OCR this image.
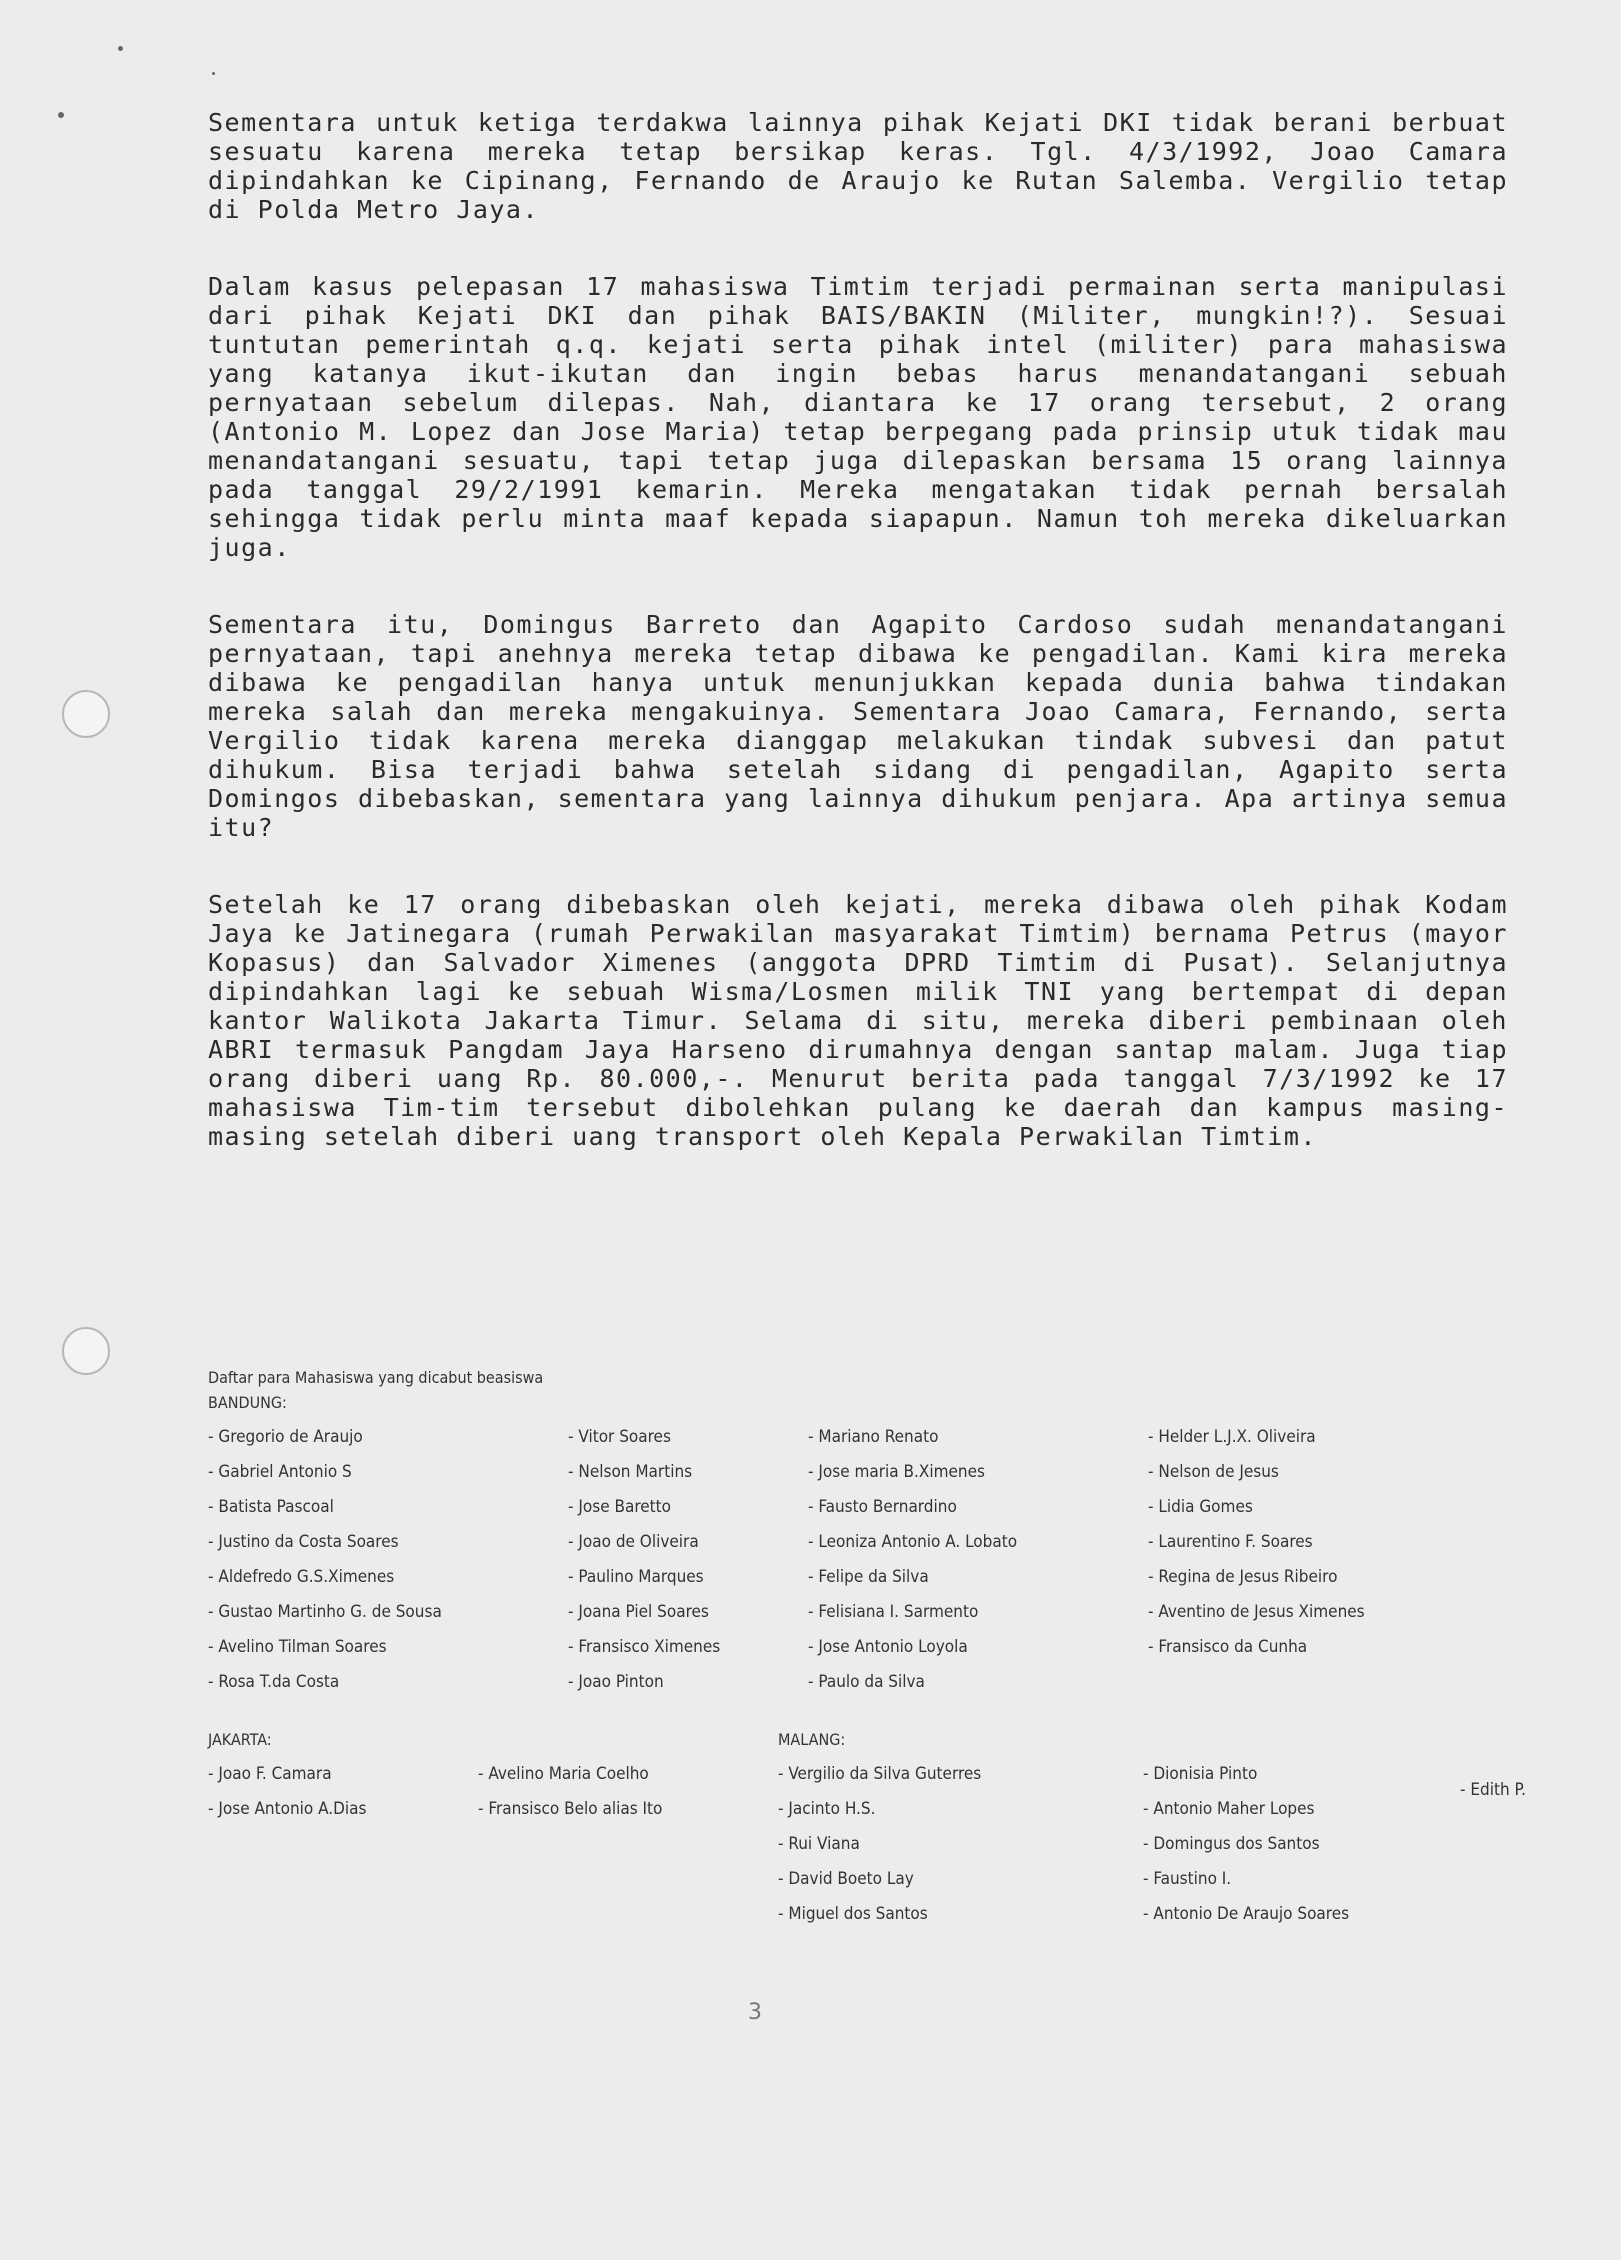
Sementara untuk ketiga terdakwa lainnya pihak Kejati DKI tidak berani berbuat sesuatu karena mereka tetap bersikap keras. Tgl. 4/3/1992, Joao Camara dipindahkan ke Cipinang, Fernando de Araujo ke Rutan Salemba. Vergilio tetap di Polda Metro Jaya.

Dalam kasus pelepasan 17 mahasiswa Timtim terjadi permainan serta manipulasi dari pihak Kejati DKI dan pihak BAIS/BAKIN (Militer, mungkin!?). Sesuai tuntutan pemerintah q.q. kejati serta pihak intel (militer) para mahasiswa yang katanya ikut-ikutan dan ingin bebas harus menandatangani sebuah pernyataan sebelum dilepas. Nah, diantara ke 17 orang tersebut, 2 orang (Antonio M. Lopez dan Jose Maria) tetap berpegang pada prinsip utuk tidak mau menandatangani sesuatu, tapi tetap juga dilepaskan bersama 15 orang lainnya pada tanggal 29/2/1991 kemarin. Mereka mengatakan tidak pernah bersalah sehingga tidak perlu minta maaf kepada siapapun. Namun toh mereka dikeluarkan juga.

Sementara itu, Domingus Barreto dan Agapito Cardoso sudah menandatangani pernyataan, tapi anehnya mereka tetap dibawa ke pengadilan. Kami kira mereka dibawa ke pengadilan hanya untuk menunjukkan kepada dunia bahwa tindakan mereka salah dan mereka mengakuinya. Sementara Joao Camara, Fernando, serta Vergilio tidak karena mereka dianggap melakukan tindak subvesi dan patut dihukum. Bisa terjadi bahwa setelah sidang di pengadilan, Agapito serta Domingos dibebaskan, sementara yang lainnya dihukum penjara. Apa artinya semua itu?

Setelah ke 17 orang dibebaskan oleh kejati, mereka dibawa oleh pihak Kodam Jaya ke Jatinegara (rumah Perwakilan masyarakat Timtim) bernama Petrus (mayor Kopasus) dan Salvador Ximenes (anggota DPRD Timtim di Pusat). Selanjutnya dipindahkan lagi ke sebuah Wisma/Losmen milik TNI yang bertempat di depan kantor Walikota Jakarta Timur. Selama di situ, mereka diberi pembinaan oleh ABRI termasuk Pangdam Jaya Harseno dirumahnya dengan santap malam. Juga tiap orang diberi uang Rp. 80.000,-. Menurut berita pada tanggal 7/3/1992 ke 17 mahasiswa Tim-tim tersebut dibolehkan pulang ke daerah dan kampus masing-masing setelah diberi uang transport oleh Kepala Perwakilan Timtim.

Daftar para Mahasiswa yang dicabut beasiswa
BANDUNG:
- Gregorio de Araujo
- Gabriel Antonio S
- Batista Pascoal
- Justino da Costa Soares
- Aldefredo G.S.Ximenes
- Gustao Martinho G. de Sousa
- Avelino Tilman Soares
- Rosa T.da Costa
- Vitor Soares
- Nelson Martins
- Jose Baretto
- Joao de Oliveira
- Paulino Marques
- Joana Piel Soares
- Fransisco Ximenes
- Joao Pinton
- Mariano Renato
- Jose maria B.Ximenes
- Fausto Bernardino
- Leoniza Antonio A. Lobato
- Felipe da Silva
- Felisiana I. Sarmento
- Jose Antonio Loyola
- Paulo da Silva
- Helder L.J.X. Oliveira
- Nelson de Jesus
- Lidia Gomes
- Laurentino F. Soares
- Regina de Jesus Ribeiro
- Aventino de Jesus Ximenes
- Fransisco da Cunha
JAKARTA:
- Joao F. Camara
- Jose Antonio A.Dias
- Avelino Maria Coelho
- Fransisco Belo alias Ito
MALANG:
- Vergilio da Silva Guterres
- Jacinto H.S.
- Rui Viana
- David Boeto Lay
- Miguel dos Santos
- Dionisia Pinto
- Antonio Maher Lopes
- Domingus dos Santos
- Faustino I.
- Antonio De Araujo Soares
- Edith P.
3
